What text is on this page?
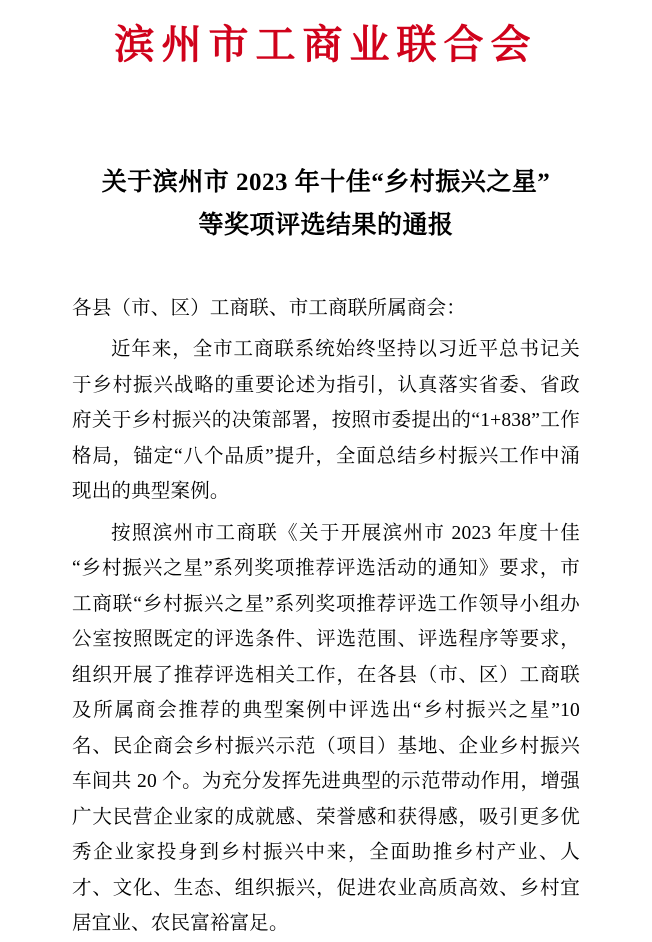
滨州市工商业联合会
关于滨州市 2023 年十佳“乡村振兴之星”
等奖项评选结果的通报

各县（市、区）工商联、市工商联所属商会：

近年来，全市工商联系统始终坚持以习近平总书记关于乡村振兴战略的重要论述为指引，认真落实省委、省政府关于乡村振兴的决策部署，按照市委提出的“1+838”工作格局，锚定“八个品质”提升，全面总结乡村振兴工作中涌现出的典型案例。

按照滨州市工商联《关于开展滨州市 2023 年度十佳“乡村振兴之星”系列奖项推荐评选活动的通知》要求，市工商联“乡村振兴之星”系列奖项推荐评选工作领导小组办公室按照既定的评选条件、评选范围、评选程序等要求，组织开展了推荐评选相关工作，在各县（市、区）工商联及所属商会推荐的典型案例中评选出“乡村振兴之星”10 名、民企商会乡村振兴示范（项目）基地、企业乡村振兴车间共 20 个。为充分发挥先进典型的示范带动作用，增强广大民营企业家的成就感、荣誉感和获得感，吸引更多优秀企业家投身到乡村振兴中来，全面助推乡村产业、人才、文化、生态、组织振兴，促进农业高质高效、乡村宜居宜业、农民富裕富足。
